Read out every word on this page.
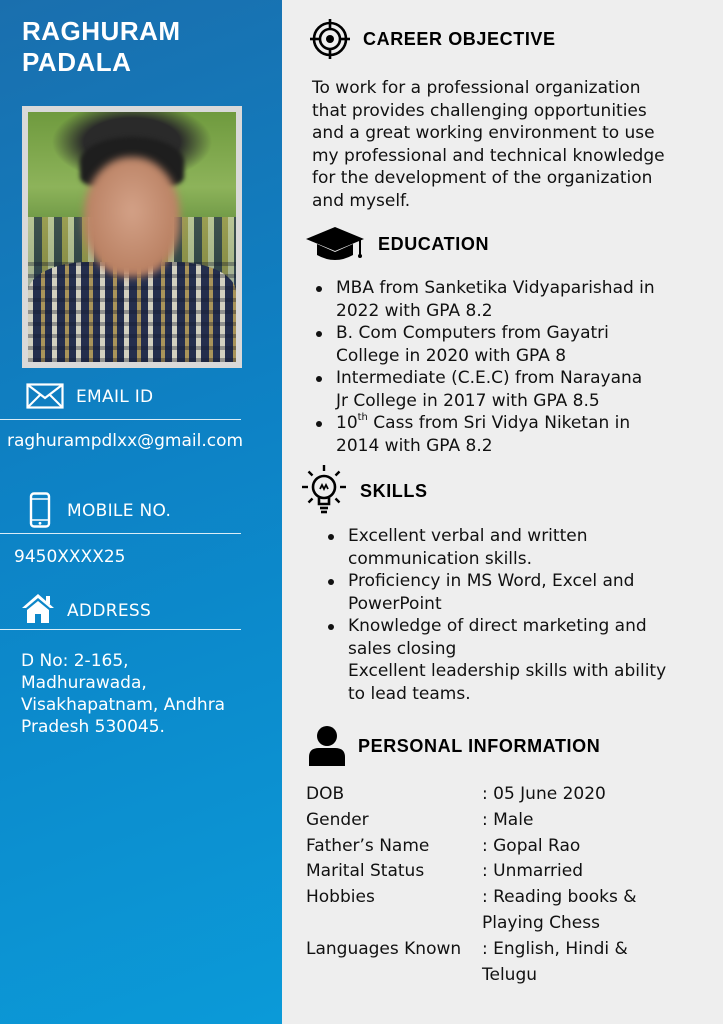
RAGHURAM
PADALA
EMAIL ID
raghurampdlxx@gmail.com
MOBILE NO.
9450XXXX25
ADDRESS
D No: 2-165,
Madhurawada,
Visakhapatnam, Andhra
Pradesh 530045.
CAREER OBJECTIVE
To work for a professional organization
that provides challenging opportunities
and a great working environment to use
my professional and technical knowledge
for the development of the organization
and myself.
EDUCATION
MBA from Sanketika Vidyaparishad in
2022 with GPA 8.2
B. Com Computers from Gayatri
College in 2020 with GPA 8
Intermediate (C.E.C) from Narayana
Jr College in 2017 with GPA 8.5
10th Cass from Sri Vidya Niketan in
2014 with GPA 8.2
SKILLS
Excellent verbal and written
communication skills.
Proficiency in MS Word, Excel and
PowerPoint
Knowledge of direct marketing and
sales closing
Excellent leadership skills with ability
to lead teams.
PERSONAL INFORMATION
DOB	: 05 June 2020
Gender	: Male
Father’s Name	: Gopal Rao
Marital Status	: Unmarried
Hobbies	: Reading books &
Playing Chess

Languages Known	: English, Hindi &
Telugu
